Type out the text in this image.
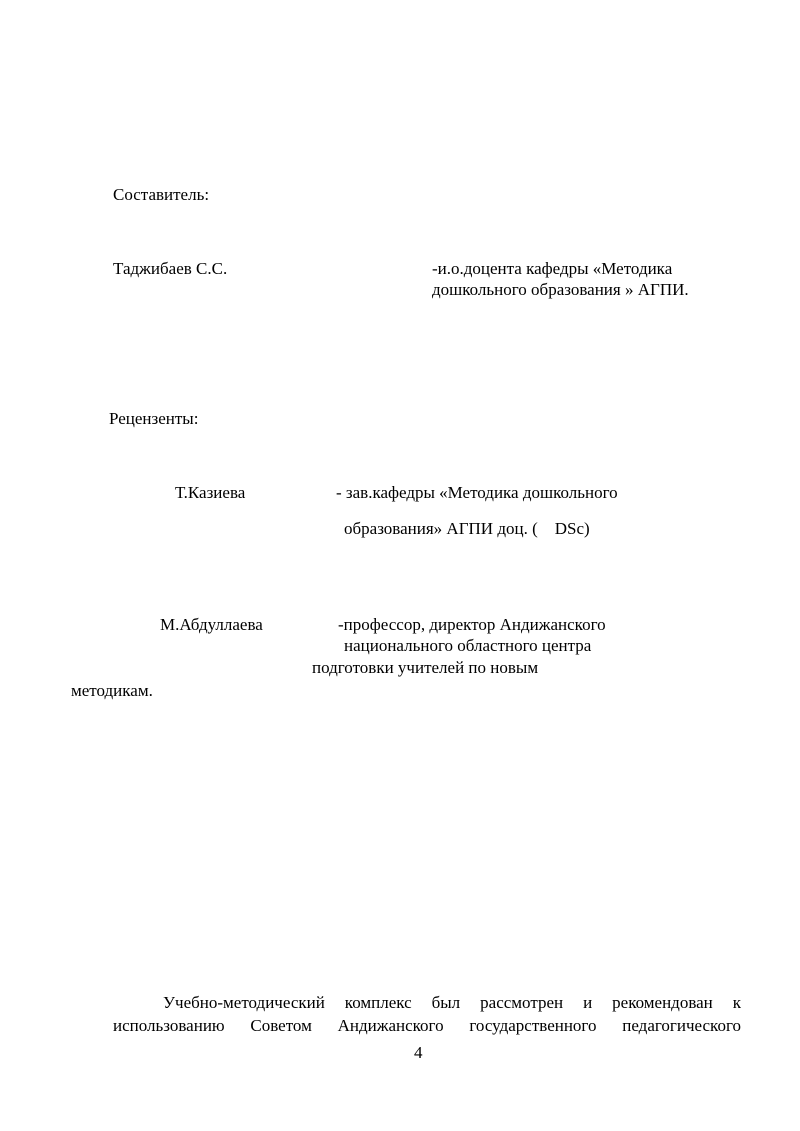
Составитель:
Таджибаев С.С.	-и.о.доцента кафедры «Методика
дошкольного образования » АГПИ.
Рецензенты:
Т.Казиева	- зав.кафедры «Методика дошкольного
образования» АГПИ доц. (    DSc)
М.Абдуллаева	-профессор, директор Андижанского
национального областного центра
подготовки учителей по новым
методикам.
Учебно-методический комплекс был рассмотрен и рекомендован к
использованию Советом Андижанского государственного педагогического
4
